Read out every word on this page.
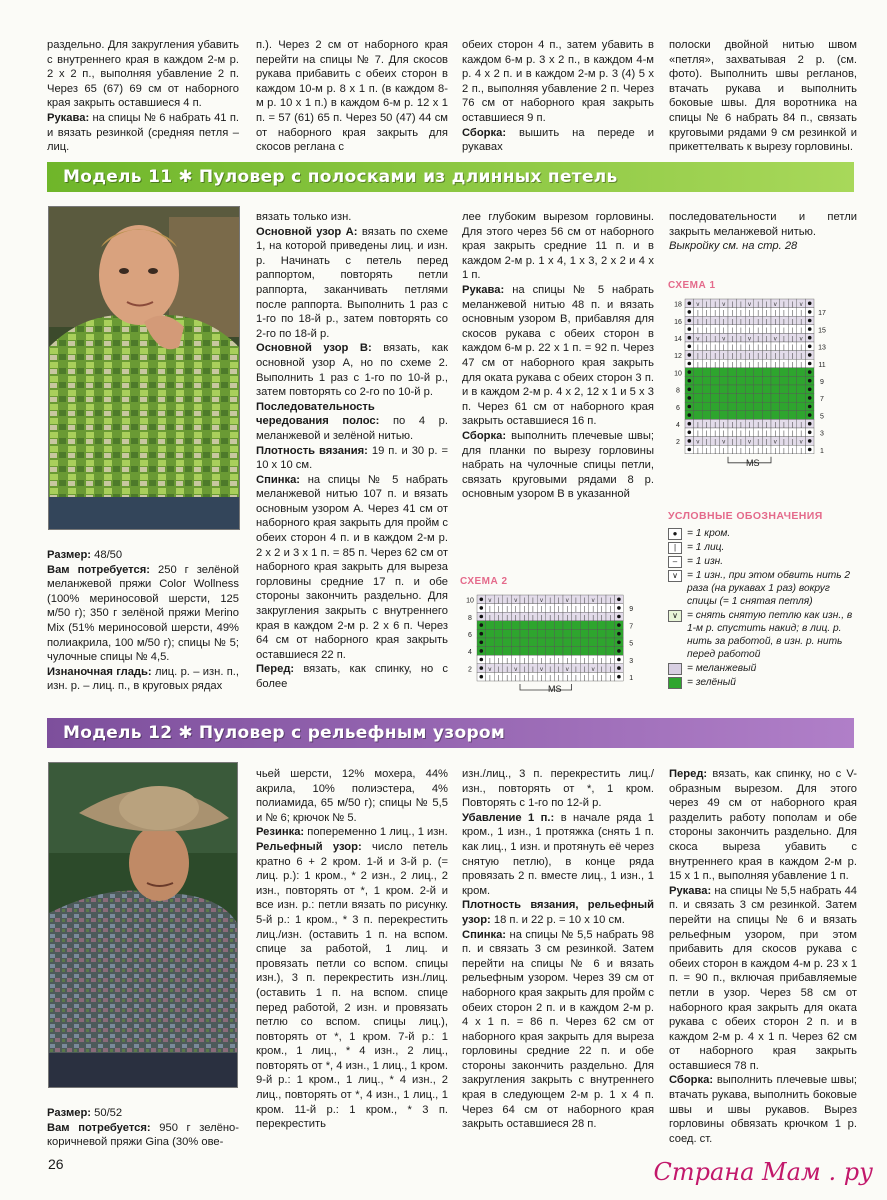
раздельно. Для закругления убавить с внутреннего края в каждом 2-м р. 2 х 2 п., выполняя убавление 2 п. Через 65 (67) 69 см от наборного края закрыть оставшиеся 4 п.

Рукава: на спицы № 6 набрать 41 п. и вязать резинкой (средняя петля – лиц.

п.). Через 2 см от наборного края перейти на спицы № 7. Для скосов рукава прибавить с обеих сторон в каждом 10-м р. 8 х 1 п. (в каждом 8-м р. 10 х 1 п.) в каждом 6-м р. 12 х 1 п. = 57 (61) 65 п. Через 50 (47) 44 см от наборного края закрыть для скосов реглана с

обеих сторон 4 п., затем убавить в каждом 6-м р. 3 х 2 п., в каждом 4-м р. 4 х 2 п. и в каждом 2-м р. 3 (4) 5 х 2 п., выполняя убавление 2 п. Через 76 см от наборного края закрыть оставшиеся 9 п.

Сборка: вышить на переде и рукавах

полоски двойной нитью швом «петля», захватывая 2 р. (см. фото). Выполнить швы регланов, втачать рукава и выполнить боковые швы. Для воротника на спицы № 6 набрать 84 п., связать круговыми рядами 9 см резинкой и прикеттелвать к вырезу горловины.

Модель 11 ✱ Пуловер с полосками из длинных петель

Размер: 48/50

Вам потребуется: 250 г зелёной меланжевой пряжи Color Wollness (100% мериносовой шерсти, 125 м/50 г); 350 г зелёной пряжи Merino Mix (51% мериносовой шерсти, 49% полиакрила, 100 м/50 г); спицы № 5; чулочные спицы № 4,5.

Изнаночная гладь: лиц. р. – изн. п., изн. р. – лиц. п., в круговых рядах

вязать только изн.

Основной узор А: вязать по схеме 1, на которой приведены лиц. и изн. р. Начинать с петель перед раппортом, повторять петли раппорта, заканчивать петлями после раппорта. Выполнить 1 раз с 1-го по 18-й р., затем повторять со 2-го по 18-й р.

Основной узор В: вязать, как основной узор А, но по схеме 2. Выполнить 1 раз с 1-го по 10-й р., затем повторять со 2-го по 10-й р.

Последовательность чередования полос: по 4 р. меланжевой и зелёной нитью.

Плотность вязания: 19 п. и 30 р. = 10 х 10 см.

Спинка: на спицы № 5 набрать меланжевой нитью 107 п. и вязать основным узором А. Через 41 см от наборного края закрыть для пройм с обеих сторон 4 п. и в каждом 2-м р. 2 х 2 и 3 х 1 п. = 85 п. Через 62 см от наборного края закрыть для выреза горловины средние 17 п. и обе стороны закончить раздельно. Для закругления закрыть с внутреннего края в каждом 2-м р. 2 х 6 п. Через 64 см от наборного края закрыть оставшиеся 22 п.

Перед: вязать, как спинку, но с более

лее глубоким вырезом горловины. Для этого через 56 см от наборного края закрыть средние 11 п. и в каждом 2-м р. 1 х 4, 1 х 3, 2 х 2 и 4 х 1 п.

Рукава: на спицы № 5 набрать меланжевой нитью 48 п. и вязать основным узором В, прибавляя для скосов рукава с обеих сторон в каждом 6-м р. 22 х 1 п. = 92 п. Через 47 см от наборного края закрыть для оката рукава с обеих сторон 3 п. и в каждом 2-м р. 4 х 2, 12 х 1 и 5 х 3 п. Через 61 см от наборного края закрыть оставшиеся 16 п.

Сборка: выполнить плечевые швы; для планки по вырезу горловины набрать на чулочные спицы петли, связать круговыми рядами 8 р. основным узором В в указанной

последовательности и петли закрыть меланжевой нитью.

Выкройку см. на стр. 28

СХЕМА 1
v | | v | | v | | v | | v
| | | | | | | | | | | | |
| | | | | | | | | | | | |
| | | | | | | | | | | | |
v | | v | | v | | v | | v
| | | | | | | | | | | | |
| | | | | | | | | | | | |
| | | | | | | | | | | | |
| | | | | | | | | | | | |
| | | | | | | | | | | | |
v | | v | | v | | v | | v
| | | | | | | | | | | | |
2
4
6
8
10
12
14
16
18
1
3
5
7
9
11
13
15
17
MS
УСЛОВНЫЕ ОБОЗНАЧЕНИЯ
● = 1 кром.
|	= 1 лиц.
– = 1 изн.
∨ = 1 изн., при этом обвить нить 2 раза (на рукавах 1 раз) вокруг спицы (= 1 снятая петля)
∨ = снять снятую петлю как изн., в 1-м р. спустить накид; в лиц. р. нить за работой, в изн. р. нить перед работой
= меланжевый
= зелёный
СХЕМА 2
v | | v | | v | | v | | v | |
| | | | | | | | | | | | | | |
| | | | | | | | | | | | | | |
| | | | | | | | | | | | | | |
v | | v | | v | | v | | v | |
| | | | | | | | | | | | | | |
2
4
6
8
10
1
3
5
7
9
MS
Модель 12 ✱ Пуловер с рельефным узором

Размер: 50/52

Вам потребуется: 950 г зелёно-коричневой пряжи Gina (30% ове-

чьей шерсти, 12% мохера, 44% акрила, 10% полиэстера, 4% полиамида, 65 м/50 г); спицы № 5,5 и № 6; крючок № 5.

Резинка: попеременно 1 лиц., 1 изн.

Рельефный узор: число петель кратно 6 + 2 кром. 1-й и 3-й р. (= лиц. р.): 1 кром., * 2 изн., 2 лиц., 2 изн., повторять от *, 1 кром. 2-й и все изн. р.: петли вязать по рисунку. 5-й р.: 1 кром., * 3 п. перекрестить лиц./изн. (оставить 1 п. на вспом. спице за работой, 1 лиц. и провязать петли со вспом. спицы изн.), 3 п. перекрестить изн./лиц. (оставить 1 п. на вспом. спице перед работой, 2 изн. и провязать петлю со вспом. спицы лиц.), повторять от *, 1 кром. 7-й р.: 1 кром., 1 лиц., * 4 изн., 2 лиц., повторять от *, 4 изн., 1 лиц., 1 кром. 9-й р.: 1 кром., 1 лиц., * 4 изн., 2 лиц., повторять от *, 4 изн., 1 лиц., 1 кром. 11-й р.: 1 кром., * 3 п. перекрестить

изн./лиц., 3 п. перекрестить лиц./изн., повторять от *, 1 кром. Повторять с 1-го по 12-й р.

Убавление 1 п.: в начале ряда 1 кром., 1 изн., 1 протяжка (снять 1 п. как лиц., 1 изн. и протянуть её через снятую петлю), в конце ряда провязать 2 п. вместе лиц., 1 изн., 1 кром.

Плотность вязания, рельефный узор: 18 п. и 22 р. = 10 х 10 см.

Спинка: на спицы № 5,5 набрать 98 п. и связать 3 см резинкой. Затем перейти на спицы № 6 и вязать рельефным узором. Через 39 см от наборного края закрыть для пройм с обеих сторон 2 п. и в каждом 2-м р. 4 х 1 п. = 86 п. Через 62 см от наборного края закрыть для выреза горловины средние 22 п. и обе стороны закончить раздельно. Для закругления закрыть с внутреннего края в следующем 2-м р. 1 х 4 п. Через 64 см от наборного края закрыть оставшиеся 28 п.

Перед: вязать, как спинку, но с V-образным вырезом. Для этого через 49 см от наборного края разделить работу пополам и обе стороны закончить раздельно. Для скоса выреза убавить с внутреннего края в каждом 2-м р. 15 х 1 п., выполняя убавление 1 п.

Рукава: на спицы № 5,5 набрать 44 п. и связать 3 см резинкой. Затем перейти на спицы № 6 и вязать рельефным узором, при этом прибавить для скосов рукава с обеих сторон в каждом 4-м р. 23 х 1 п. = 90 п., включая прибавляемые петли в узор. Через 58 см от наборного края закрыть для оката рукава с обеих сторон 2 п. и в каждом 2-м р. 4 х 1 п. Через 62 см от наборного края закрыть оставшиеся 78 п.

Сборка: выполнить плечевые швы; втачать рукава, выполнить боковые швы и швы рукавов. Вырез горловины обвязать крючком 1 р. соед. ст.

26	Страна Мам . ру
